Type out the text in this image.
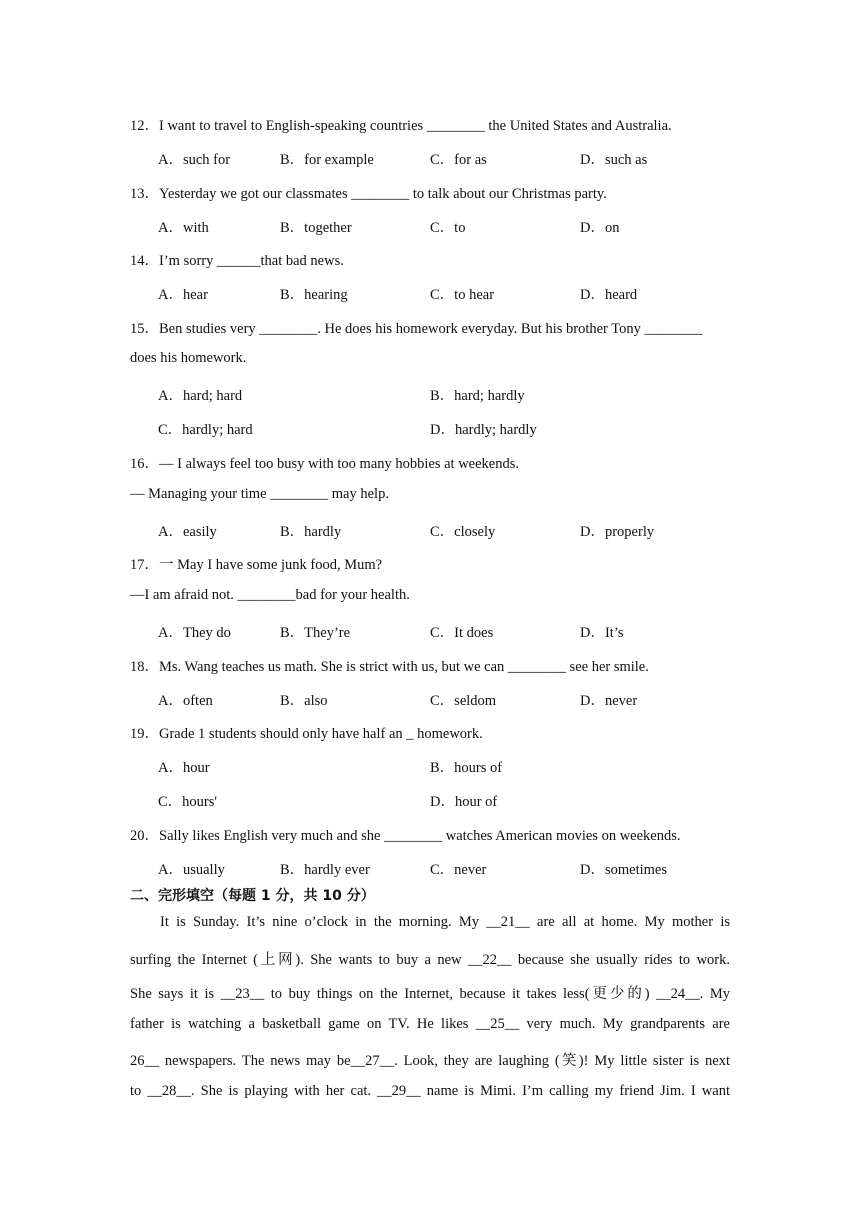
12．I want to travel to English-speaking countries ________ the United States and Australia.
A．such for	B．for example	C．for as	D．such as
13．Yesterday we got our classmates ________ to talk about our Christmas party.
A．with	B．together	C．to	D．on
14．I’m sorry ______that bad news.
A．hear	B．hearing	C．to hear	D．heard
15．Ben studies very ________. He does his homework everyday. But his brother Tony ________
does his homework.
A．hard; hard	B．hard; hardly
C．hardly; hard	D．hardly; hardly
16．— I always feel too busy with too many hobbies at weekends.
— Managing your time ________ may help.
A．easily	B．hardly	C．closely	D．properly
17．一 May I have some junk food, Mum?
—I am afraid not. ________bad for your health.
A．They do	B．They’re	C．It does	D．It’s
18．Ms. Wang teaches us math. She is strict with us, but we can ________ see her smile.
A．often	B．also	C．seldom	D．never
19．Grade 1 students should only have half an _ homework.
A．hour	B．hours of
C．hours'	D．hour of
20．Sally likes English very much and she ________ watches American movies on weekends.
A．usually	B．hardly ever	C．never	D．sometimes
二、完形填空（每题 1 分，共 10 分）
It is Sunday. It’s nine o’clock in the morning. My __21__ are all at home. My mother is
surfing the Internet (上网). She wants to buy a new __22__ because she usually rides to work.
She says it is __23__ to buy things on the Internet, because it takes less(更少的) __24__. My
father is watching a basketball game on TV. He likes __25__ very much. My grandparents are
26__ newspapers. The news may be__27__. Look, they are laughing (笑)! My little sister is next
to __28__. She is playing with her cat. __29__ name is Mimi. I’m calling my friend Jim. I want
